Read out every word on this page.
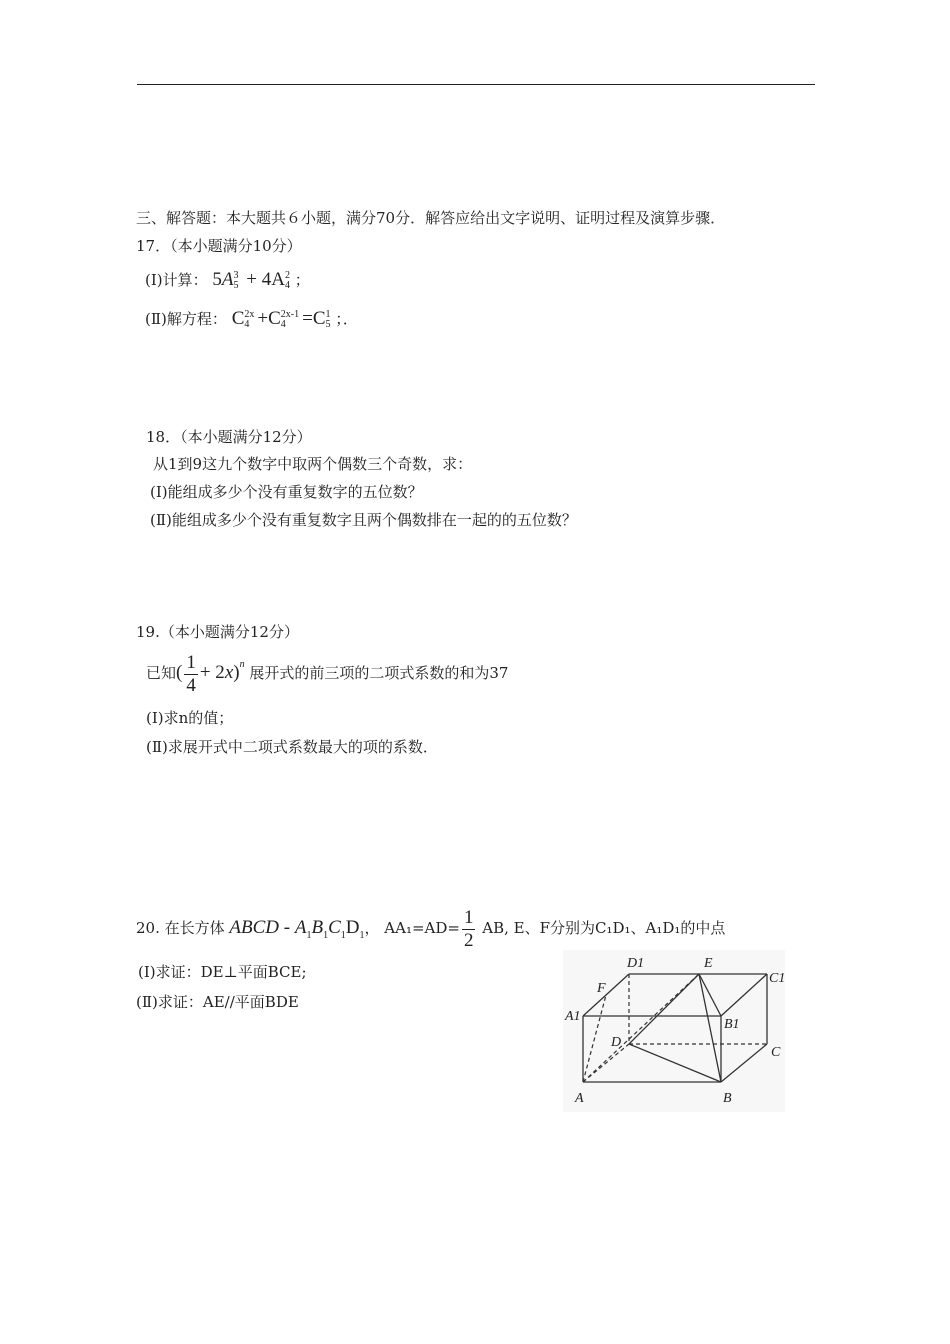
三、解答题：本大题共６小题，满分70分．解答应给出文字说明、证明过程及演算步骤．
17．（本小题满分10分）
(I)计算： 5A 3
5 + 4A 2
4 ；
(Ⅱ)解方程： C 2x
4 +C 2x-1
4 =C 1
5 ；．
18．（本小题满分12分）
从1到9这九个数字中取两个偶数三个奇数，求：
(I)能组成多少个没有重复数字的五位数？
(Ⅱ)能组成多少个没有重复数字且两个偶数排在一起的的五位数？
19.（本小题满分12分）
已知( $\frac{1}{4} + 2x)^n$ 展开式的前三项的二项式系数的和为37
(I)求n的值；
(Ⅱ)求展开式中二项式系数最大的项的系数．
20. 在长方体 ABCD - $A_1B_1C_1D_1$， $AA_1=AD= \frac{1}{2}$ AB, E、F分别为C₁D₁、A₁D₁的中点
(I)求证：DE⊥平面BCE;
(Ⅱ)求证：AE//平面BDE
D1	E
C1
F
A1
B1
D
C
A	B
